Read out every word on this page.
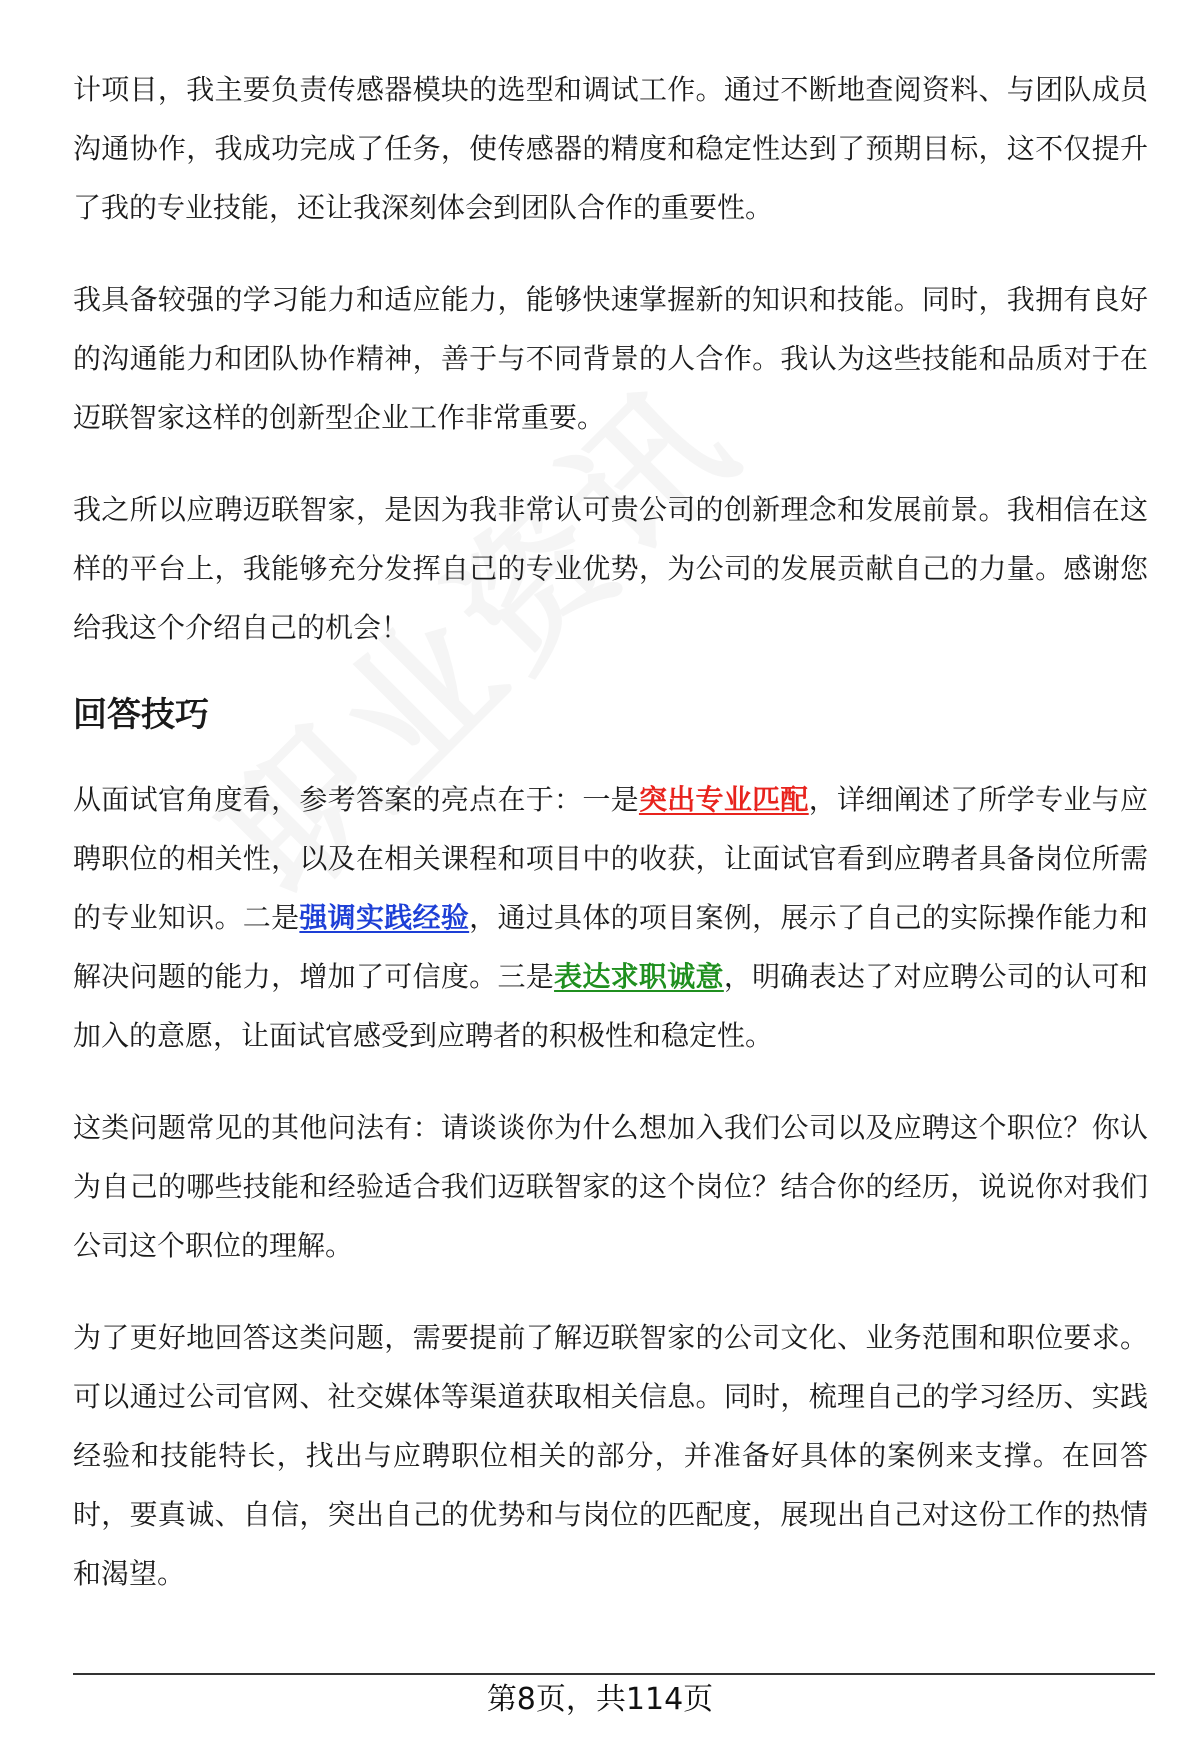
计项目，我主要负责传感器模块的选型和调试工作。通过不断地查阅资料、与团队成员沟通协作，我成功完成了任务，使传感器的精度和稳定性达到了预期目标，这不仅提升了我的专业技能，还让我深刻体会到团队合作的重要性。

我具备较强的学习能力和适应能力，能够快速掌握新的知识和技能。同时，我拥有良好的沟通能力和团队协作精神，善于与不同背景的人合作。我认为这些技能和品质对于在迈联智家这样的创新型企业工作非常重要。

我之所以应聘迈联智家，是因为我非常认可贵公司的创新理念和发展前景。我相信在这样的平台上，我能够充分发挥自己的专业优势，为公司的发展贡献自己的力量。感谢您给我这个介绍自己的机会！

回答技巧

从面试官角度看，参考答案的亮点在于：一是突出专业匹配，详细阐述了所学专业与应聘职位的相关性，以及在相关课程和项目中的收获，让面试官看到应聘者具备岗位所需的专业知识。二是强调实践经验，通过具体的项目案例，展示了自己的实际操作能力和解决问题的能力，增加了可信度。三是表达求职诚意，明确表达了对应聘公司的认可和加入的意愿，让面试官感受到应聘者的积极性和稳定性。

这类问题常见的其他问法有：请谈谈你为什么想加入我们公司以及应聘这个职位？你认为自己的哪些技能和经验适合我们迈联智家的这个岗位？结合你的经历，说说你对我们公司这个职位的理解。

为了更好地回答这类问题，需要提前了解迈联智家的公司文化、业务范围和职位要求。可以通过公司官网、社交媒体等渠道获取相关信息。同时，梳理自己的学习经历、实践经验和技能特长，找出与应聘职位相关的部分，并准备好具体的案例来支撑。在回答时，要真诚、自信，突出自己的优势和与岗位的匹配度，展现出自己对这份工作的热情和渴望。

第8页，共114页
